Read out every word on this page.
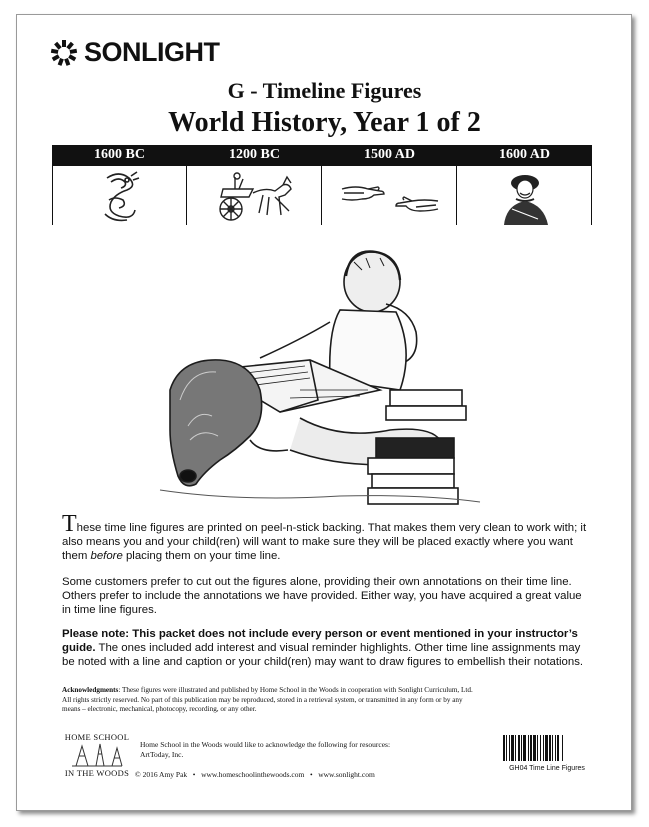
SONLIGHT
G - Timeline Figures
World History, Year 1 of 2
1600 BC	1200 BC	1500 AD	1600 AD

These time line figures are printed on peel-n-stick backing. That makes them very clean to work with; it also means you and your child(ren) will want to make sure they will be placed exactly where you want them before placing them on your time line.

Some customers prefer to cut out the figures alone, providing their own annotations on their time line. Others prefer to include the annotations we have provided. Either way, you have acquired a great value in time line figures.

Please note: This packet does not include every person or event mentioned in your instructor’s guide. The ones included add interest and visual reminder highlights. Other time line assignments may be noted with a line and caption or your child(ren) may want to draw figures to embellish their notations.

Acknowledgments: These figures were illustrated and published by Home School in the Woods in cooperation with Sonlight Curriculum, Ltd. All rights strictly reserved. No part of this publication may be reproduced, stored in a retrieval system, or transmitted in any form or by any means – electronic, mechanical, photocopy, recording, or any other.
HOME SCHOOL
IN THE WOODS
Home School in the Woods would like to acknowledge the following for resources:
ArtToday, Inc.
© 2016 Amy Pak • www.homeschoolinthewoods.com • www.sonlight.com
GH04 Time Line Figures
